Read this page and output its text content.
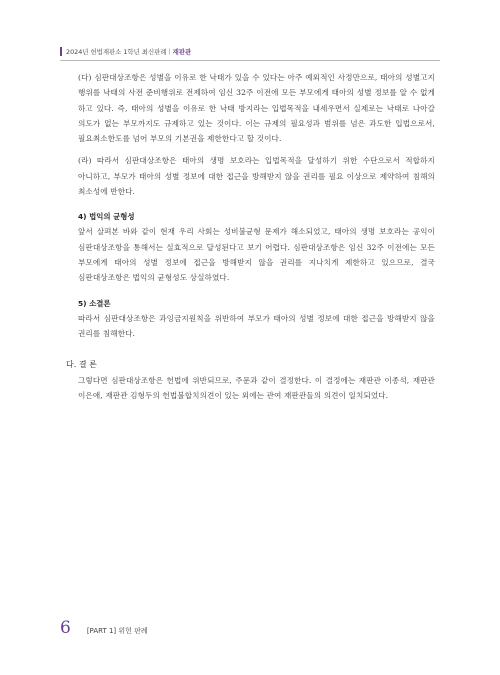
2024년 헌법재판소 1학년 최신판례 | 재판관

(다) 심판대상조항은 성별을 이유로 한 낙태가 있을 수 있다는 아주 예외적인 사정만으로, 태아의 성별고지 행위를 낙태의 사전 준비행위로 전제하여 임신 32주 이전에 모든 부모에게 태아의 성별 정보를 알 수 없게 하고 있다. 즉, 태아의 성별을 이유로 한 낙태 방지라는 입법목적을 내세우면서 실제로는 낙태로 나아갈 의도가 없는 부모까지도 규제하고 있는 것이다. 이는 규제의 필요성과 범위를 넘은 과도한 입법으로서, 필요최소한도를 넘어 부모의 기본권을 제한한다고 할 것이다.

(라) 따라서 심판대상조항은 태아의 생명 보호라는 입법목적을 달성하기 위한 수단으로서 적합하지 아니하고, 부모가 태아의 성별 정보에 대한 접근을 방해받지 않을 권리를 필요 이상으로 제약하여 침해의 최소성에 반한다.

4) 법익의 균형성

앞서 살펴본 바와 같이 현재 우리 사회는 성비불균형 문제가 해소되었고, 태아의 생명 보호라는 공익이 심판대상조항을 통해서는 실효적으로 달성된다고 보기 어렵다. 심판대상조항은 임신 32주 이전에는 모든 부모에게 태아의 성별 정보에 접근을 방해받지 않을 권리를 지나치게 제한하고 있으므로, 결국 심판대상조항은 법익의 균형성도 상실하였다.

5) 소결론

따라서 심판대상조항은 과잉금지원칙을 위반하여 부모가 태아의 성별 정보에 대한 접근을 방해받지 않을 권리를 침해한다.

다. 결 론

그렇다면 심판대상조항은 헌법에 위반되므로, 주문과 같이 결정한다. 이 결정에는 재판관 이종석, 재판관 이은애, 재판관 김형두의 헌법불합치의견이 있는 외에는 관여 재판관들의 의견이 일치되었다.

6 [PART 1] 위헌 판례
